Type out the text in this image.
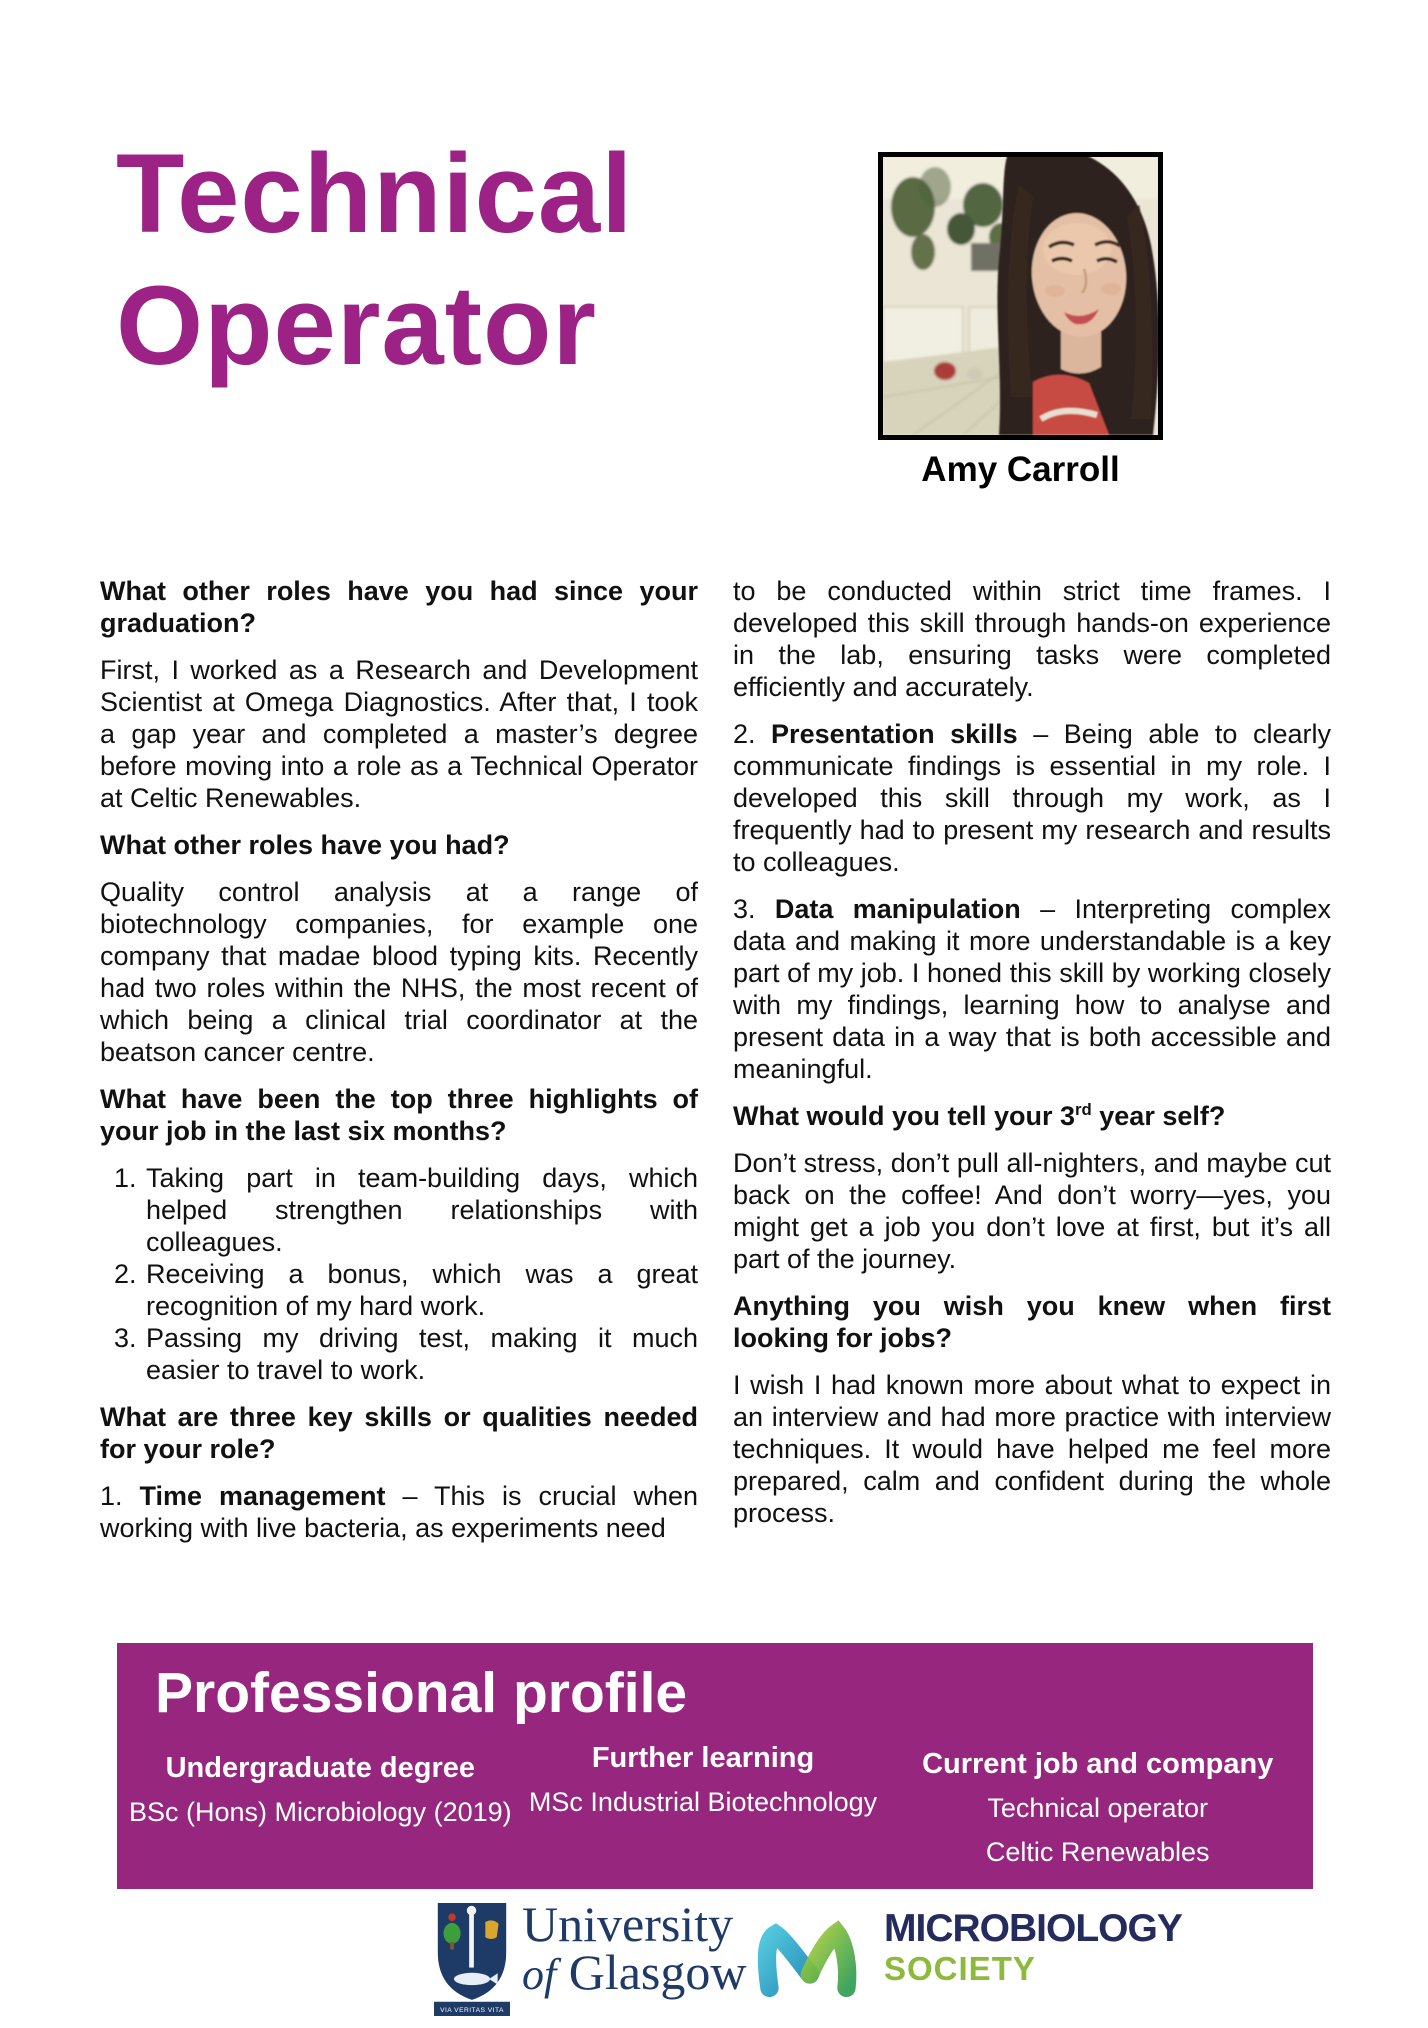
Technical
Operator
Amy Carroll
What other roles have you had since your graduation?

First, I worked as a Research and Development Scientist at Omega Diagnostics. After that, I took a gap year and completed a master’s degree before moving into a role as a Technical Operator at Celtic Renewables.

What other roles have you had?

Quality control analysis at a range of biotechnology companies, for example one company that madae blood typing kits. Recently had two roles within the NHS, the most recent of which being a clinical trial coordinator at the beatson cancer centre.

What have been the top three highlights of your job in the last six months?
1. Taking part in team-building days, which helped strengthen relationships with colleagues.
2. Receiving a bonus, which was a great recognition of my hard work.
3. Passing my driving test, making it much easier to travel to work.
What are three key skills or qualities needed for your role?

1. Time management – This is crucial when working with live bacteria, as experiments need

to be conducted within strict time frames. I developed this skill through hands-on experience in the lab, ensuring tasks were completed efficiently and accurately.

2. Presentation skills – Being able to clearly communicate findings is essential in my role. I developed this skill through my work, as I frequently had to present my research and results to colleagues.

3. Data manipulation – Interpreting complex data and making it more understandable is a key part of my job. I honed this skill by working closely with my findings, learning how to analyse and present data in a way that is both accessible and meaningful.

What would you tell your 3rd year self?

Don’t stress, don’t pull all-nighters, and maybe cut back on the coffee! And don’t worry—yes, you might get a job you don’t love at first, but it’s all part of the journey.

Anything you wish you knew when first looking for jobs?

I wish I had known more about what to expect in an interview and had more practice with interview techniques. It would have helped me feel more prepared, calm and confident during the whole process.

Professional profile
Undergraduate degree
BSc (Hons) Microbiology (2019)
Further learning
MSc Industrial Biotechnology
Current job and company
Technical operator
Celtic Renewables
VIA VERITAS VITA
University
of Glasgow
MICROBIOLOGY
SOCIETY
